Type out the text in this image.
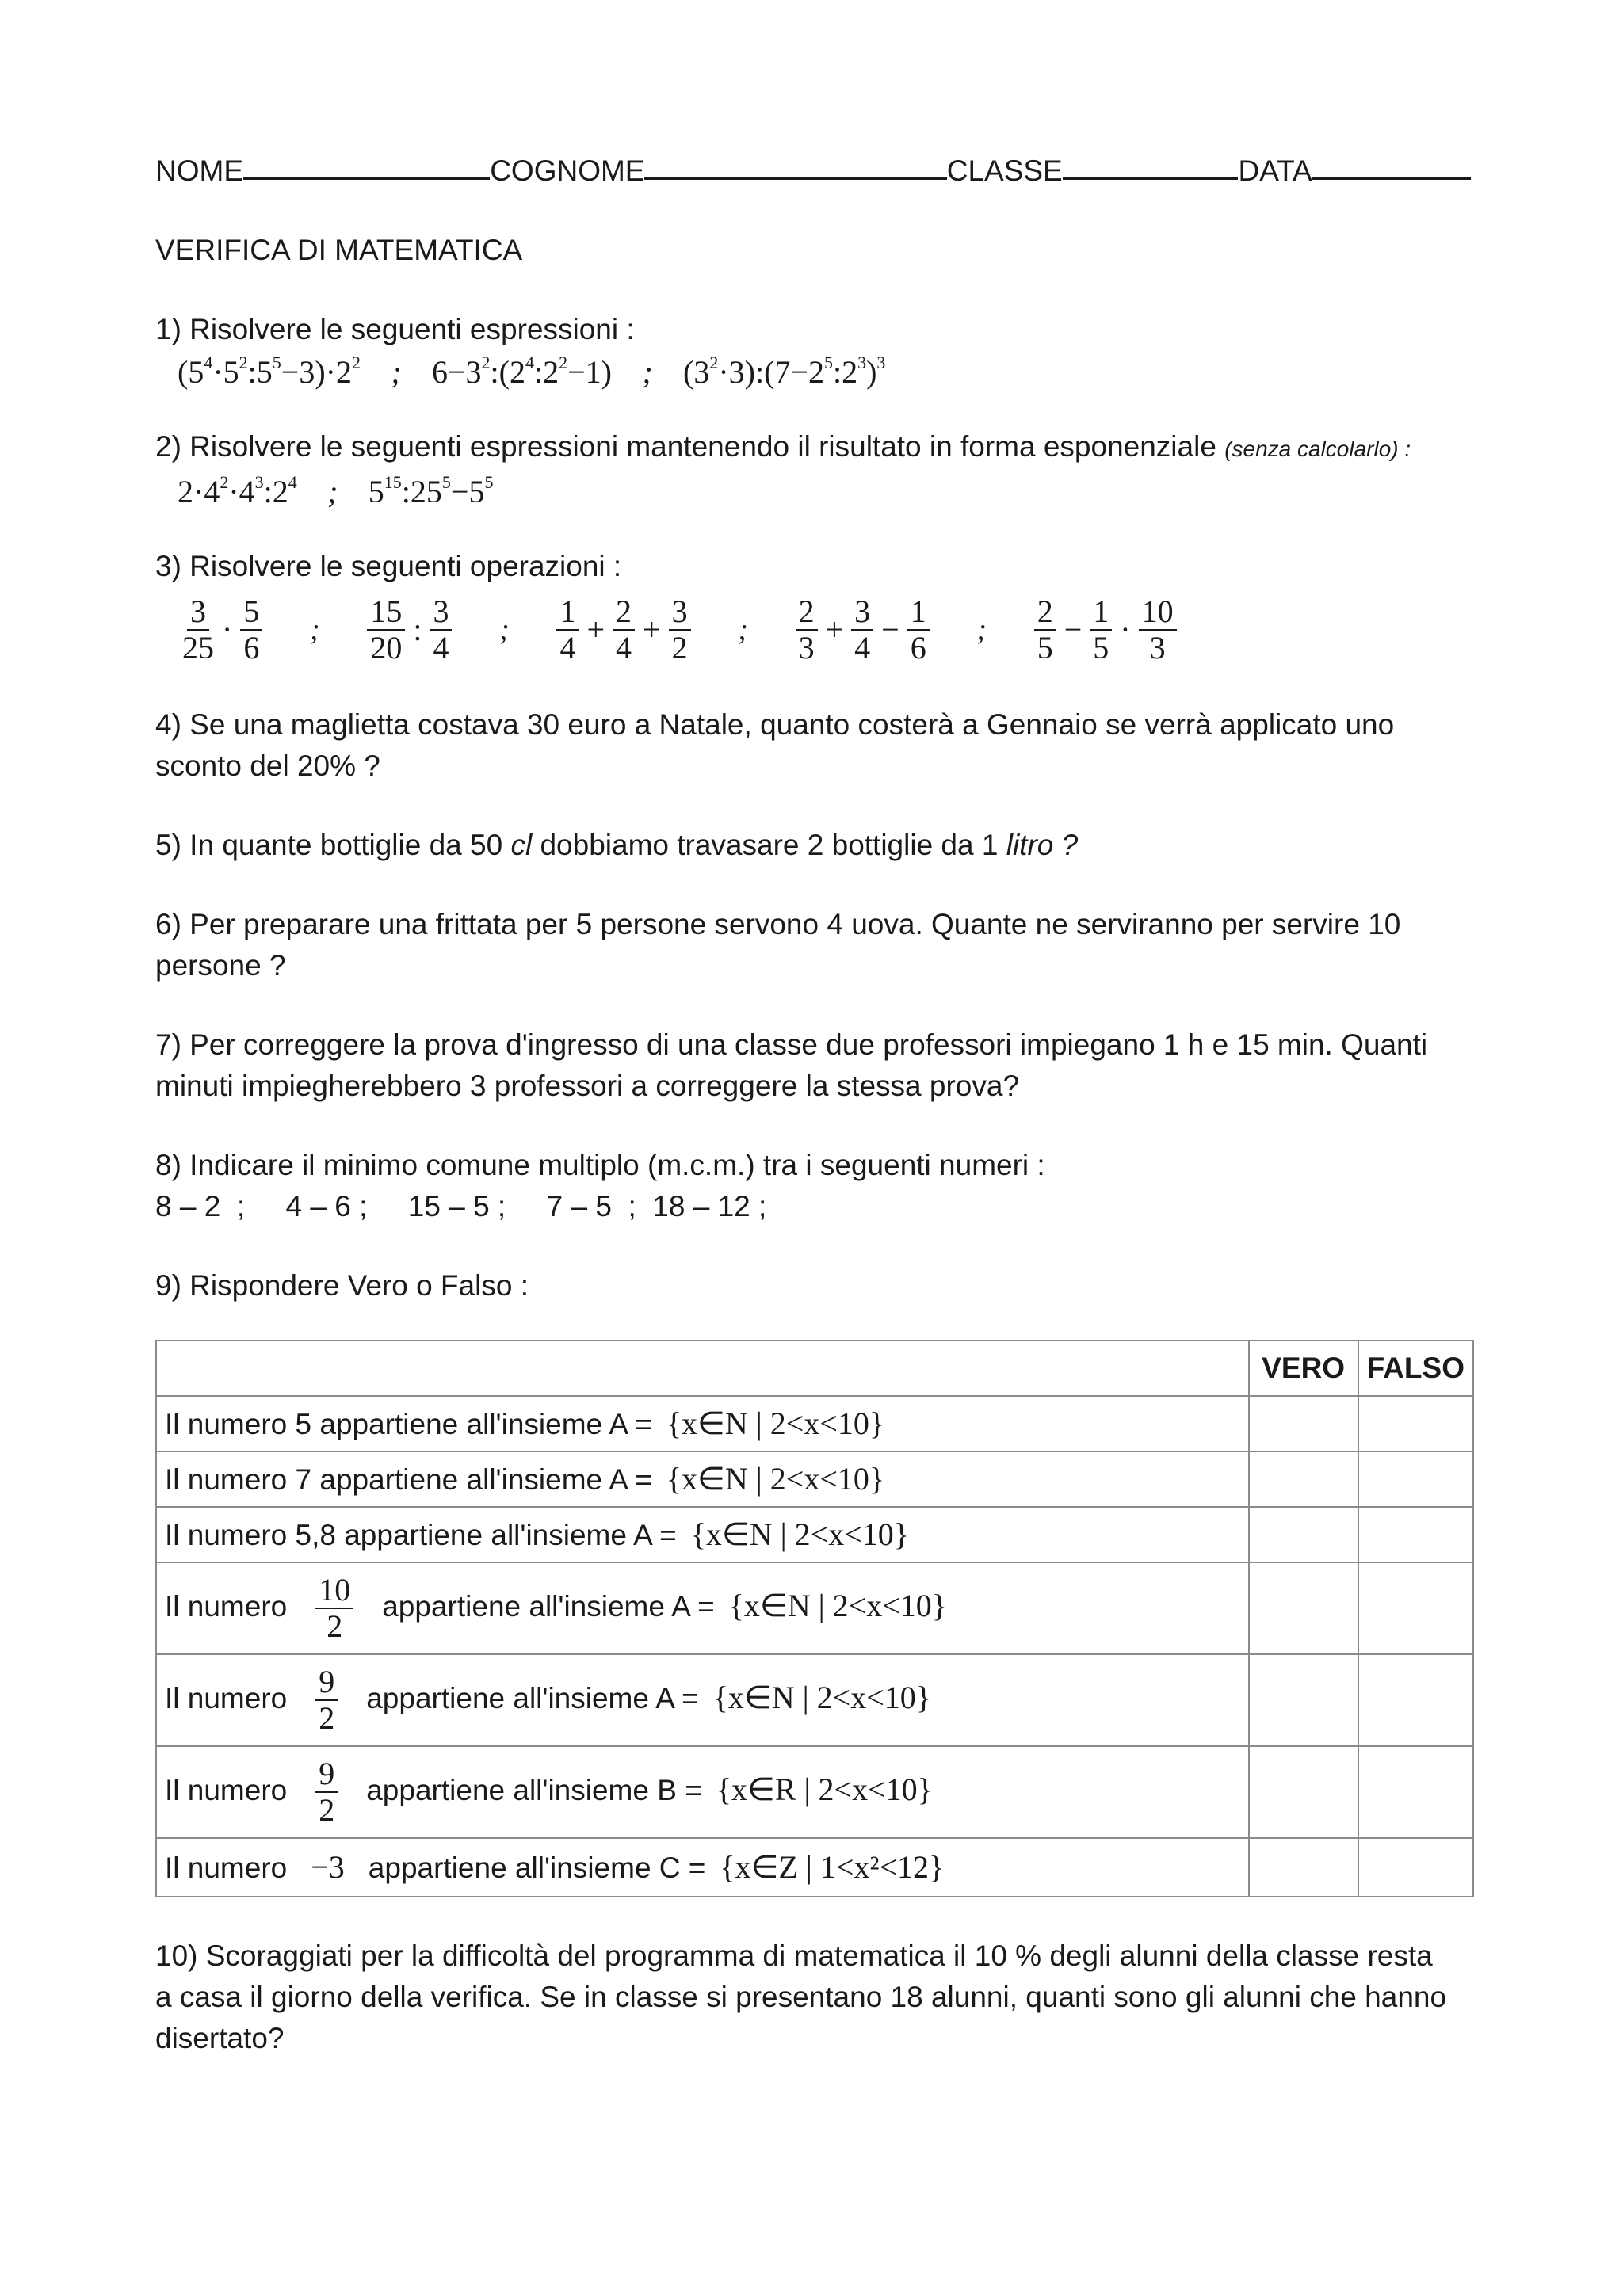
NOME	COGNOME	CLASSE	DATA
VERIFICA DI MATEMATICA
1) Risolvere le seguenti espressioni :
$(5^4\cdot 5^2:5^5-3)\cdot 2^2$ ; $6-3^2:(2^4:2^2-1)$ ; $(3^2\cdot 3):(7-2^5:2^3)^3$
2) Risolvere le seguenti espressioni mantenendo il risultato in forma esponenziale (senza calcolarlo) :
$2\cdot 4^2\cdot 4^3:2^4$ ; $5^{15}:25^5-5^5$
3) Risolvere le seguenti operazioni :
$\frac{3}{25} \cdot \frac{5}{6}$	;	$\frac{15}{20}$ : $\frac{3}{4}$	;	$\frac{1}{4} + \frac{2}{4} + \frac{3}{2}$	;	$\frac{2}{3} + \frac{3}{4} - \frac{1}{6}$	;	$\frac{2}{5} - \frac{1}{5} \cdot \frac{10}{3}$
4) Se una maglietta costava 30 euro a Natale, quanto costerà a Gennaio se verrà applicato uno
sconto del 20% ?
5) In quante bottiglie da 50 cl dobbiamo travasare 2 bottiglie da 1 litro ?
6) Per preparare una frittata per 5 persone servono 4 uova. Quante ne serviranno per servire 10
persone ?
7) Per correggere la prova d'ingresso di una classe due professori impiegano 1 h e 15 min. Quanti
minuti impiegherebbero 3 professori a correggere la stessa prova?
8) Indicare il minimo comune multiplo (m.c.m.) tra i seguenti numeri :
8 – 2  ;     4 – 6 ;     15 – 5 ;     7 – 5  ;  18 – 12 ;
9) Rispondere Vero o Falso :
	VERO	FALSO
Il numero 5 appartiene all'insieme A = {x∈N | 2<x<10}		
Il numero 7 appartiene all'insieme A = {x∈N | 2<x<10}		
Il numero 5,8 appartiene all'insieme A = {x∈N | 2<x<10}		
Il numero $\frac{10}{2}$ appartiene all'insieme A = {x∈N | 2<x<10}		
Il numero $\frac{9}{2}$ appartiene all'insieme A = {x∈N | 2<x<10}		
Il numero $\frac{9}{2}$ appartiene all'insieme B = {x∈R | 2<x<10}		
Il numero −3 appartiene all'insieme C = {x∈Z | 1<x²<12}		
10) Scoraggiati per la difficoltà del programma di matematica il 10 % degli alunni della classe resta
a casa il giorno della verifica. Se in classe si presentano 18 alunni, quanti sono gli alunni che hanno
disertato?
